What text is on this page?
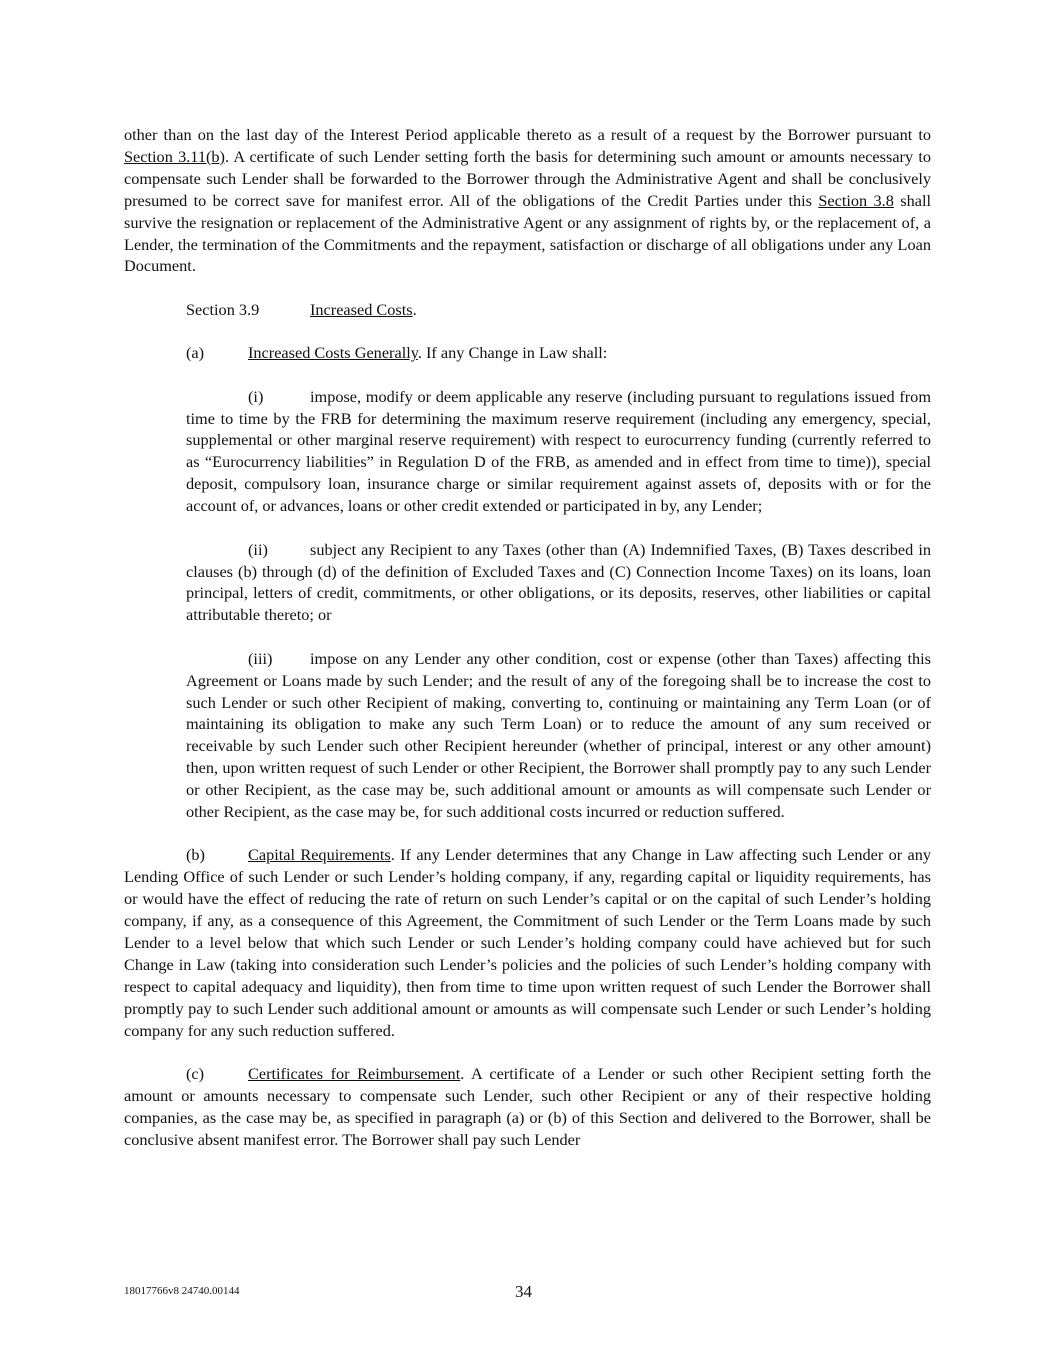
other than on the last day of the Interest Period applicable thereto as a result of a request by the Borrower pursuant to Section 3.11(b). A certificate of such Lender setting forth the basis for determining such amount or amounts necessary to compensate such Lender shall be forwarded to the Borrower through the Administrative Agent and shall be conclusively presumed to be correct save for manifest error. All of the obligations of the Credit Parties under this Section 3.8 shall survive the resignation or replacement of the Administrative Agent or any assignment of rights by, or the replacement of, a Lender, the termination of the Commitments and the repayment, satisfaction or discharge of all obligations under any Loan Document.

Section 3.9	Increased Costs.

(a)	Increased Costs Generally. If any Change in Law shall:

(i)	impose, modify or deem applicable any reserve (including pursuant to regulations issued from time to time by the FRB for determining the maximum reserve requirement (including any emergency, special, supplemental or other marginal reserve requirement) with respect to eurocurrency funding (currently referred to as “Eurocurrency liabilities” in Regulation D of the FRB, as amended and in effect from time to time)), special deposit, compulsory loan, insurance charge or similar requirement against assets of, deposits with or for the account of, or advances, loans or other credit extended or participated in by, any Lender;

(ii)	subject any Recipient to any Taxes (other than (A) Indemnified Taxes, (B) Taxes described in clauses (b) through (d) of the definition of Excluded Taxes and (C) Connection Income Taxes) on its loans, loan principal, letters of credit, commitments, or other obligations, or its deposits, reserves, other liabilities or capital attributable thereto; or

(iii) impose on any Lender any other condition, cost or expense (other than Taxes) affecting this Agreement or Loans made by such Lender; and the result of any of the foregoing shall be to increase the cost to such Lender or such other Recipient of making, converting to, continuing or maintaining any Term Loan (or of maintaining its obligation to make any such Term Loan) or to reduce the amount of any sum received or receivable by such Lender such other Recipient hereunder (whether of principal, interest or any other amount) then, upon written request of such Lender or other Recipient, the Borrower shall promptly pay to any such Lender or other Recipient, as the case may be, such additional amount or amounts as will compensate such Lender or other Recipient, as the case may be, for such additional costs incurred or reduction suffered.

(b)	Capital Requirements. If any Lender determines that any Change in Law affecting such Lender or any Lending Office of such Lender or such Lender’s holding company, if any, regarding capital or liquidity requirements, has or would have the effect of reducing the rate of return on such Lender’s capital or on the capital of such Lender’s holding company, if any, as a consequence of this Agreement, the Commitment of such Lender or the Term Loans made by such Lender to a level below that which such Lender or such Lender’s holding company could have achieved but for such Change in Law (taking into consideration such Lender’s policies and the policies of such Lender’s holding company with respect to capital adequacy and liquidity), then from time to time upon written request of such Lender the Borrower shall promptly pay to such Lender such additional amount or amounts as will compensate such Lender or such Lender’s holding company for any such reduction suffered.

(c)	Certificates for Reimbursement. A certificate of a Lender or such other Recipient setting forth the amount or amounts necessary to compensate such Lender, such other Recipient or any of their respective holding companies, as the case may be, as specified in paragraph (a) or (b) of this Section and delivered to the Borrower, shall be conclusive absent manifest error. The Borrower shall pay such Lender

18017766v8 24740.00144	34
